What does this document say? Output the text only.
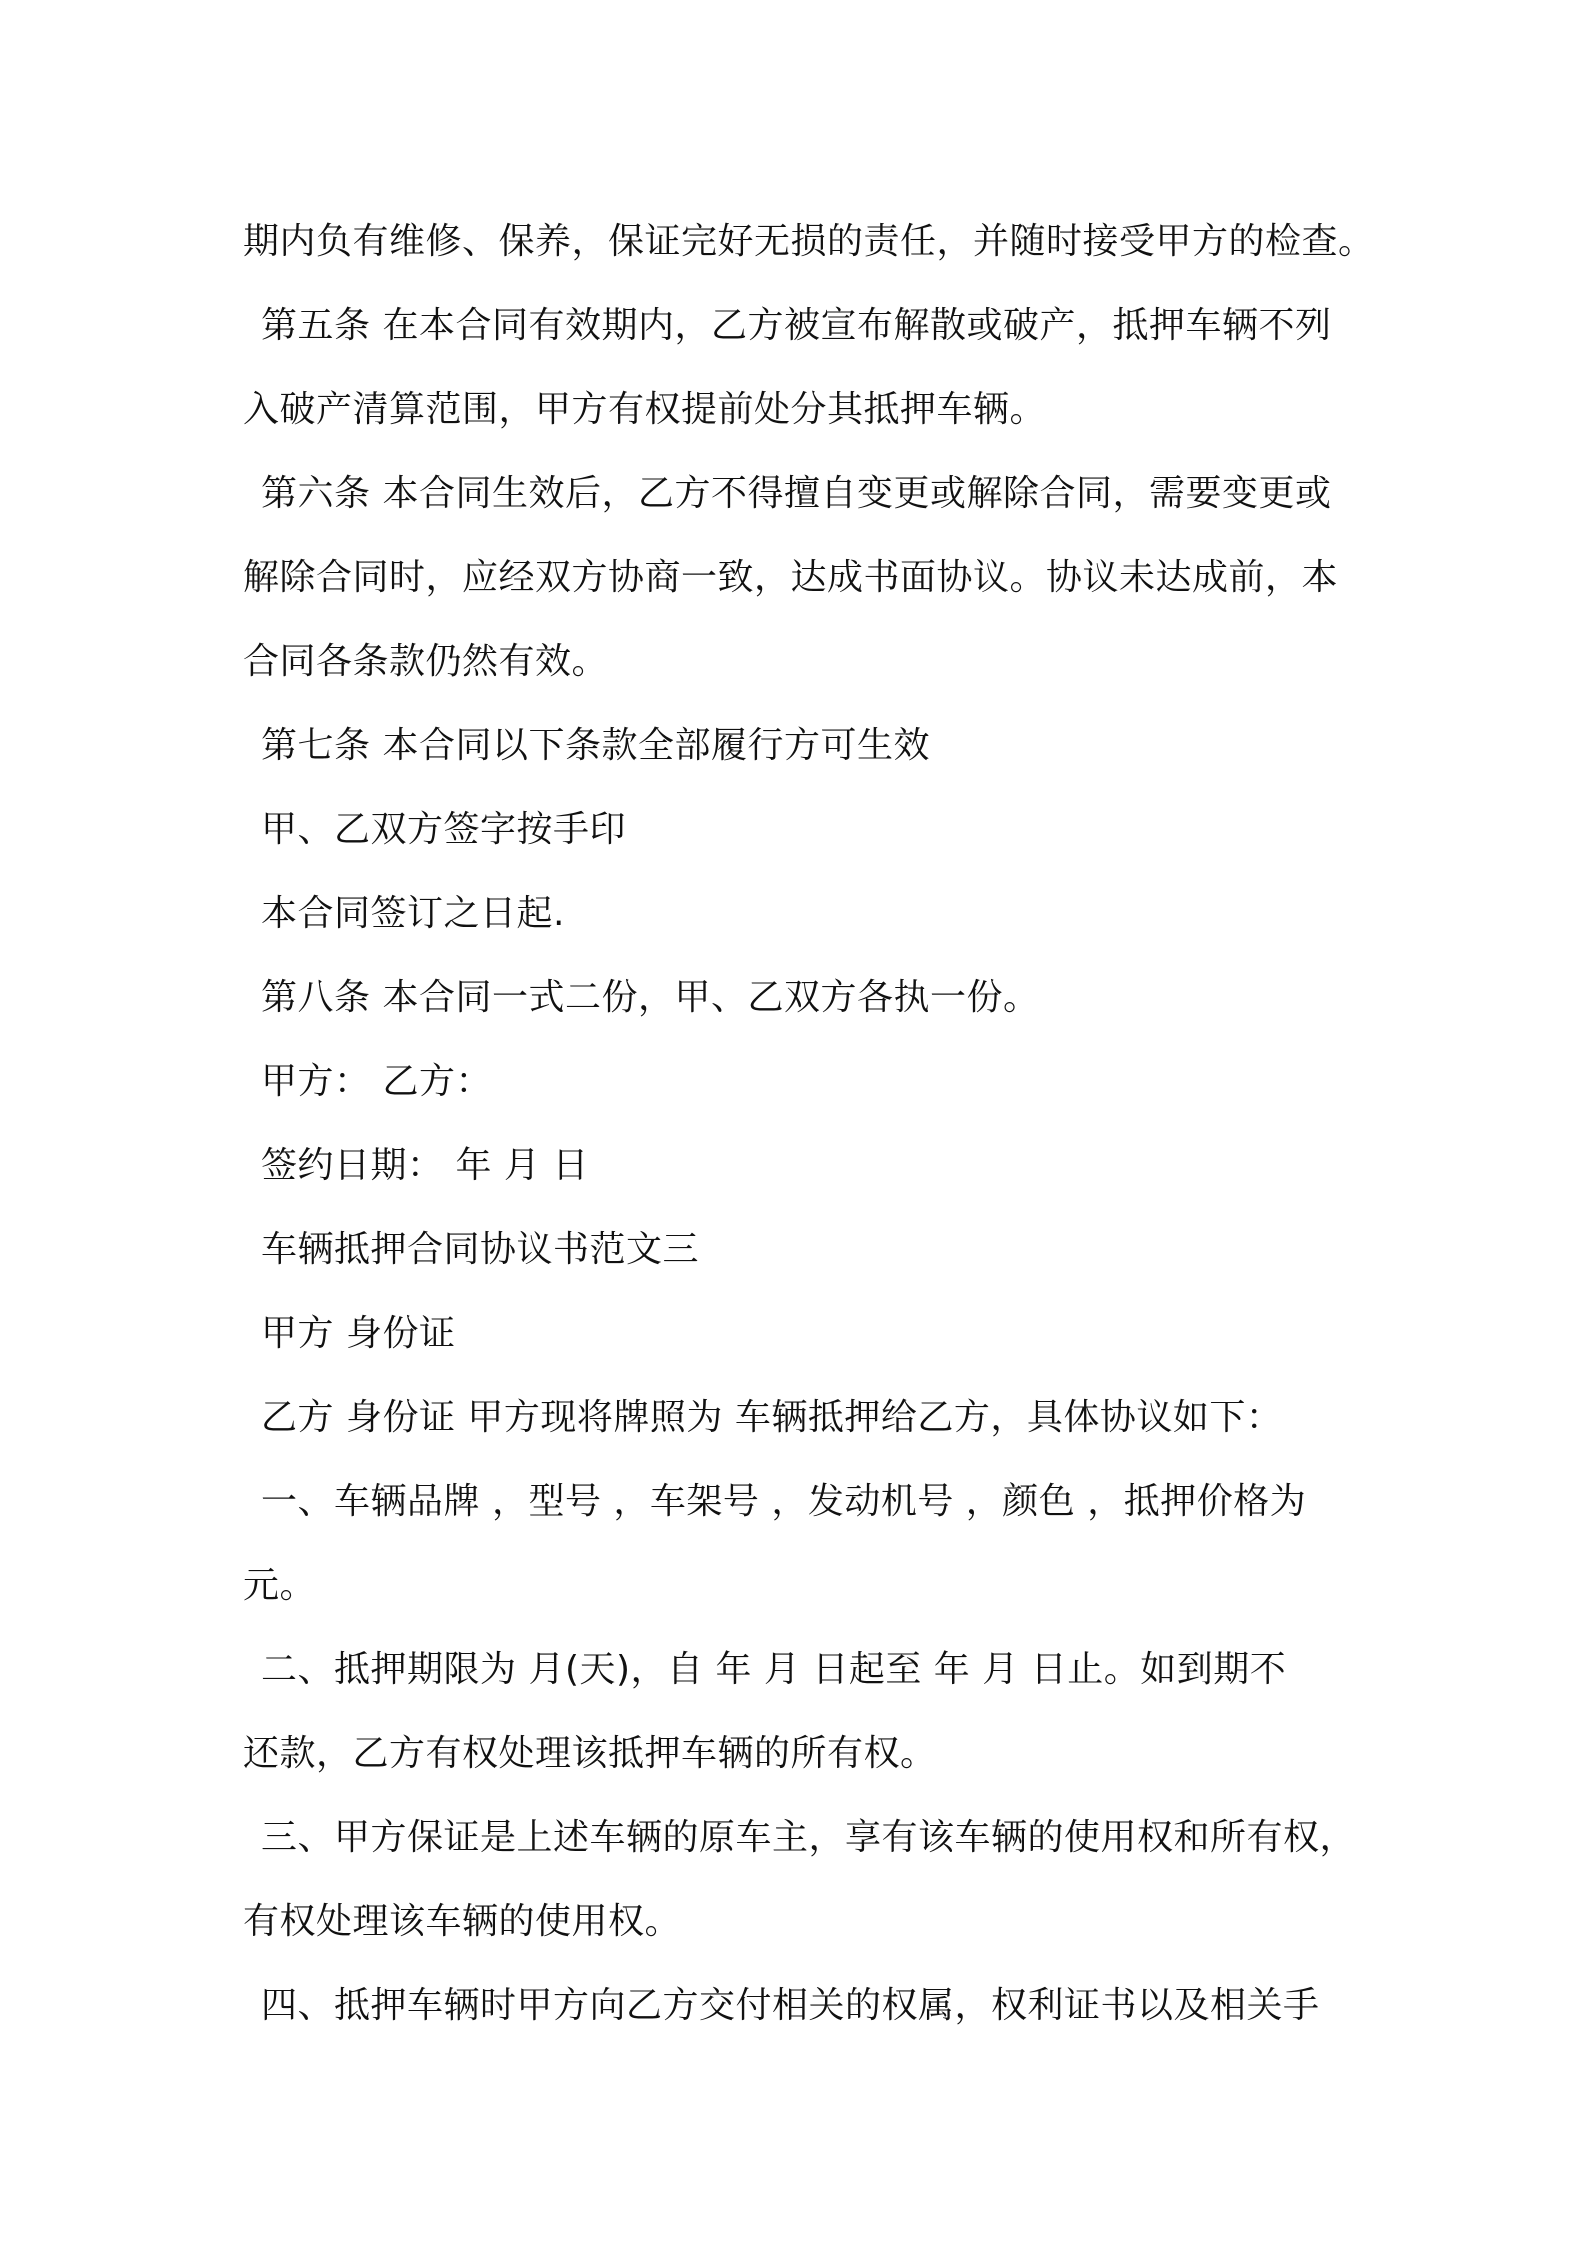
期内负有维修、保养，保证完好无损的责任，并随时接受甲方的检查。
第五条 在本合同有效期内，乙方被宣布解散或破产，抵押车辆不列
入破产清算范围，甲方有权提前处分其抵押车辆。
第六条 本合同生效后，乙方不得擅自变更或解除合同，需要变更或
解除合同时，应经双方协商一致，达成书面协议。协议未达成前，本
合同各条款仍然有效。
第七条 本合同以下条款全部履行方可生效
甲、乙双方签字按手印
本合同签订之日起.
第八条 本合同一式二份，甲、乙双方各执一份。
甲方： 乙方：
签约日期： 年 月 日
车辆抵押合同协议书范文三
甲方 身份证
乙方 身份证 甲方现将牌照为 车辆抵押给乙方，具体协议如下：
一、车辆品牌 ，型号 ，车架号 ，发动机号 ，颜色 ，抵押价格为
元。
二、抵押期限为 月(天)，自 年 月 日起至 年 月 日止。如到期不
还款，乙方有权处理该抵押车辆的所有权。
三、甲方保证是上述车辆的原车主，享有该车辆的使用权和所有权，
有权处理该车辆的使用权。
四、抵押车辆时甲方向乙方交付相关的权属，权利证书以及相关手
